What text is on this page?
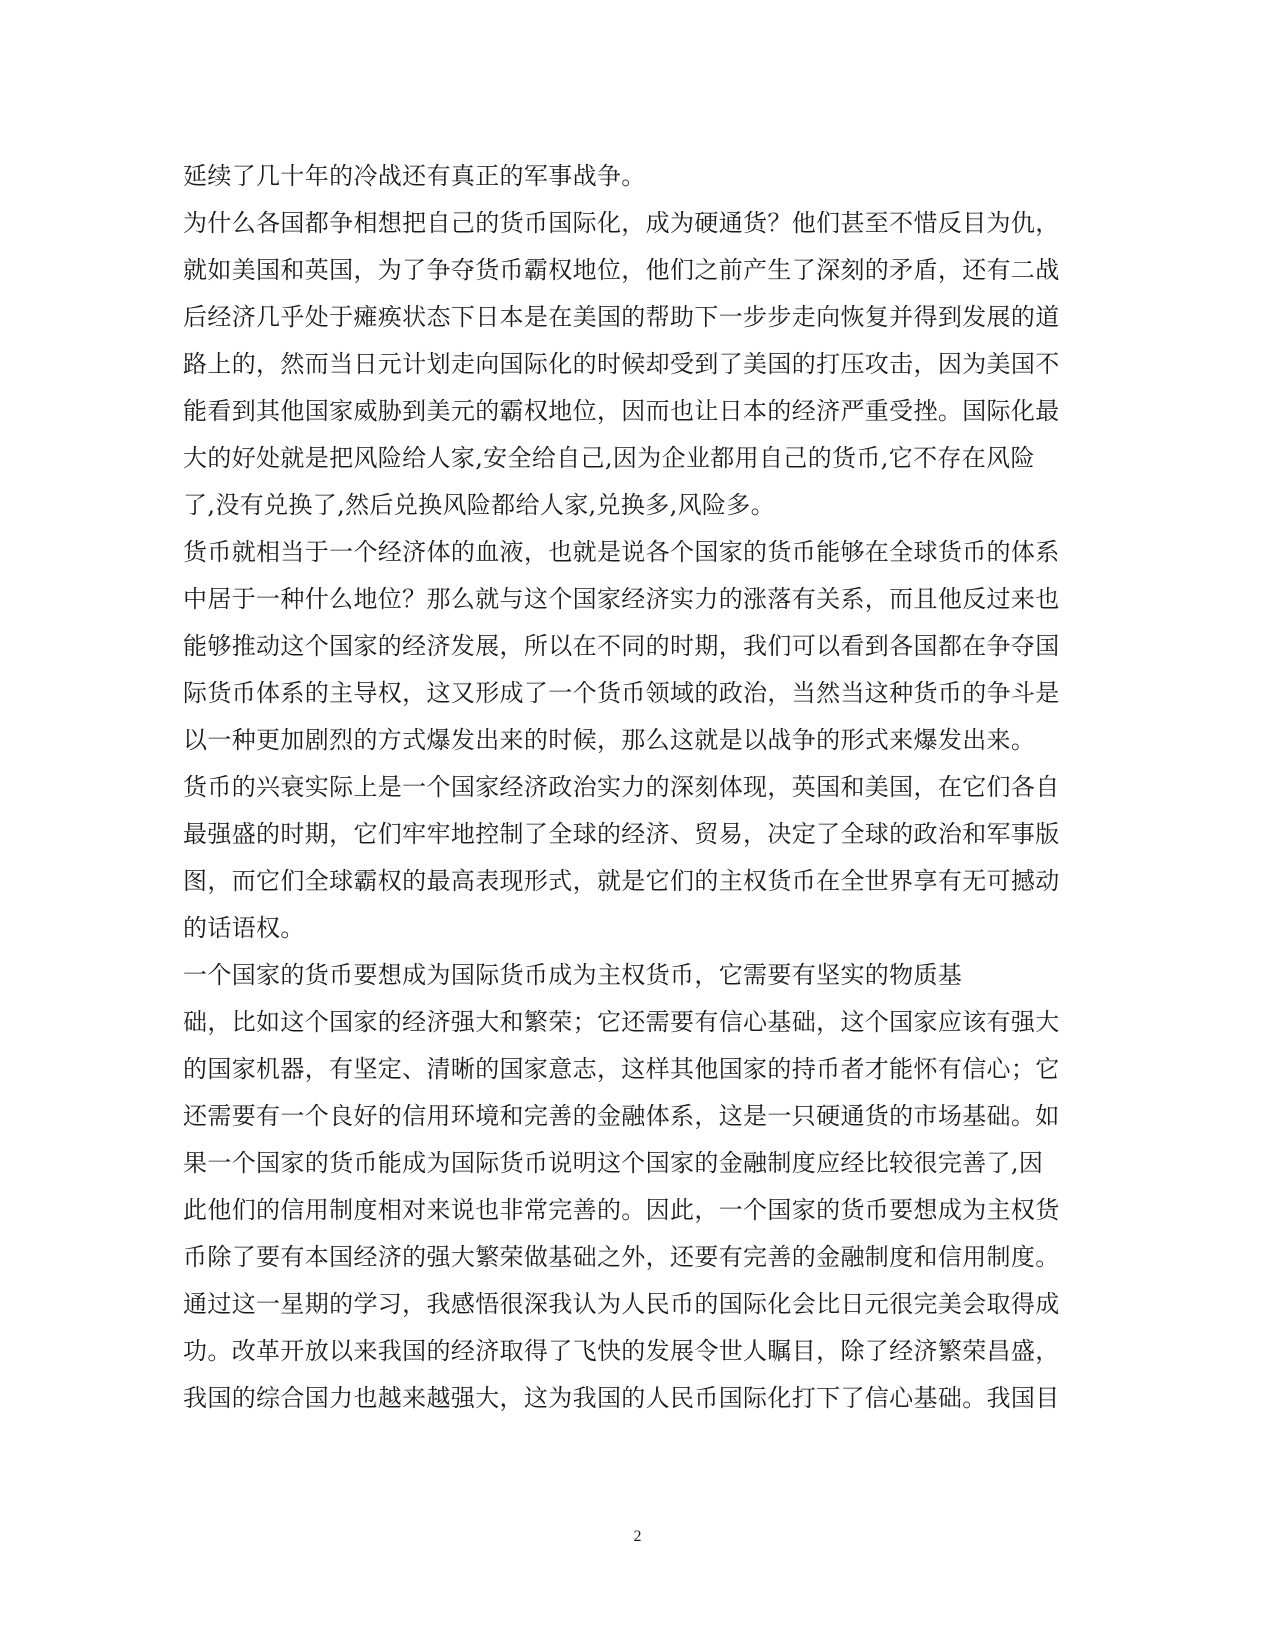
延续了几十年的冷战还有真正的军事战争。
为什么各国都争相想把自己的货币国际化，成为硬通货？他们甚至不惜反目为仇，
就如美国和英国，为了争夺货币霸权地位，他们之前产生了深刻的矛盾，还有二战
后经济几乎处于瘫痪状态下日本是在美国的帮助下一步步走向恢复并得到发展的道
路上的，然而当日元计划走向国际化的时候却受到了美国的打压攻击，因为美国不
能看到其他国家威胁到美元的霸权地位，因而也让日本的经济严重受挫。国际化最
大的好处就是把风险给人家,安全给自己,因为企业都用自己的货币,它不存在风险
了,没有兑换了,然后兑换风险都给人家,兑换多,风险多。
货币就相当于一个经济体的血液，也就是说各个国家的货币能够在全球货币的体系
中居于一种什么地位？那么就与这个国家经济实力的涨落有关系，而且他反过来也
能够推动这个国家的经济发展，所以在不同的时期，我们可以看到各国都在争夺国
际货币体系的主导权，这又形成了一个货币领域的政治，当然当这种货币的争斗是
以一种更加剧烈的方式爆发出来的时候，那么这就是以战争的形式来爆发出来。
货币的兴衰实际上是一个国家经济政治实力的深刻体现，英国和美国，在它们各自
最强盛的时期，它们牢牢地控制了全球的经济、贸易，决定了全球的政治和军事版
图，而它们全球霸权的最高表现形式，就是它们的主权货币在全世界享有无可撼动
的话语权。
一个国家的货币要想成为国际货币成为主权货币，它需要有坚实的物质基
础，比如这个国家的经济强大和繁荣；它还需要有信心基础，这个国家应该有强大
的国家机器，有坚定、清晰的国家意志，这样其他国家的持币者才能怀有信心；它
还需要有一个良好的信用环境和完善的金融体系，这是一只硬通货的市场基础。如
果一个国家的货币能成为国际货币说明这个国家的金融制度应经比较很完善了,因
此他们的信用制度相对来说也非常完善的。因此，一个国家的货币要想成为主权货
币除了要有本国经济的强大繁荣做基础之外，还要有完善的金融制度和信用制度。
通过这一星期的学习，我感悟很深我认为人民币的国际化会比日元很完美会取得成
功。改革开放以来我国的经济取得了飞快的发展令世人瞩目，除了经济繁荣昌盛，
我国的综合国力也越来越强大，这为我国的人民币国际化打下了信心基础。我国目
2
